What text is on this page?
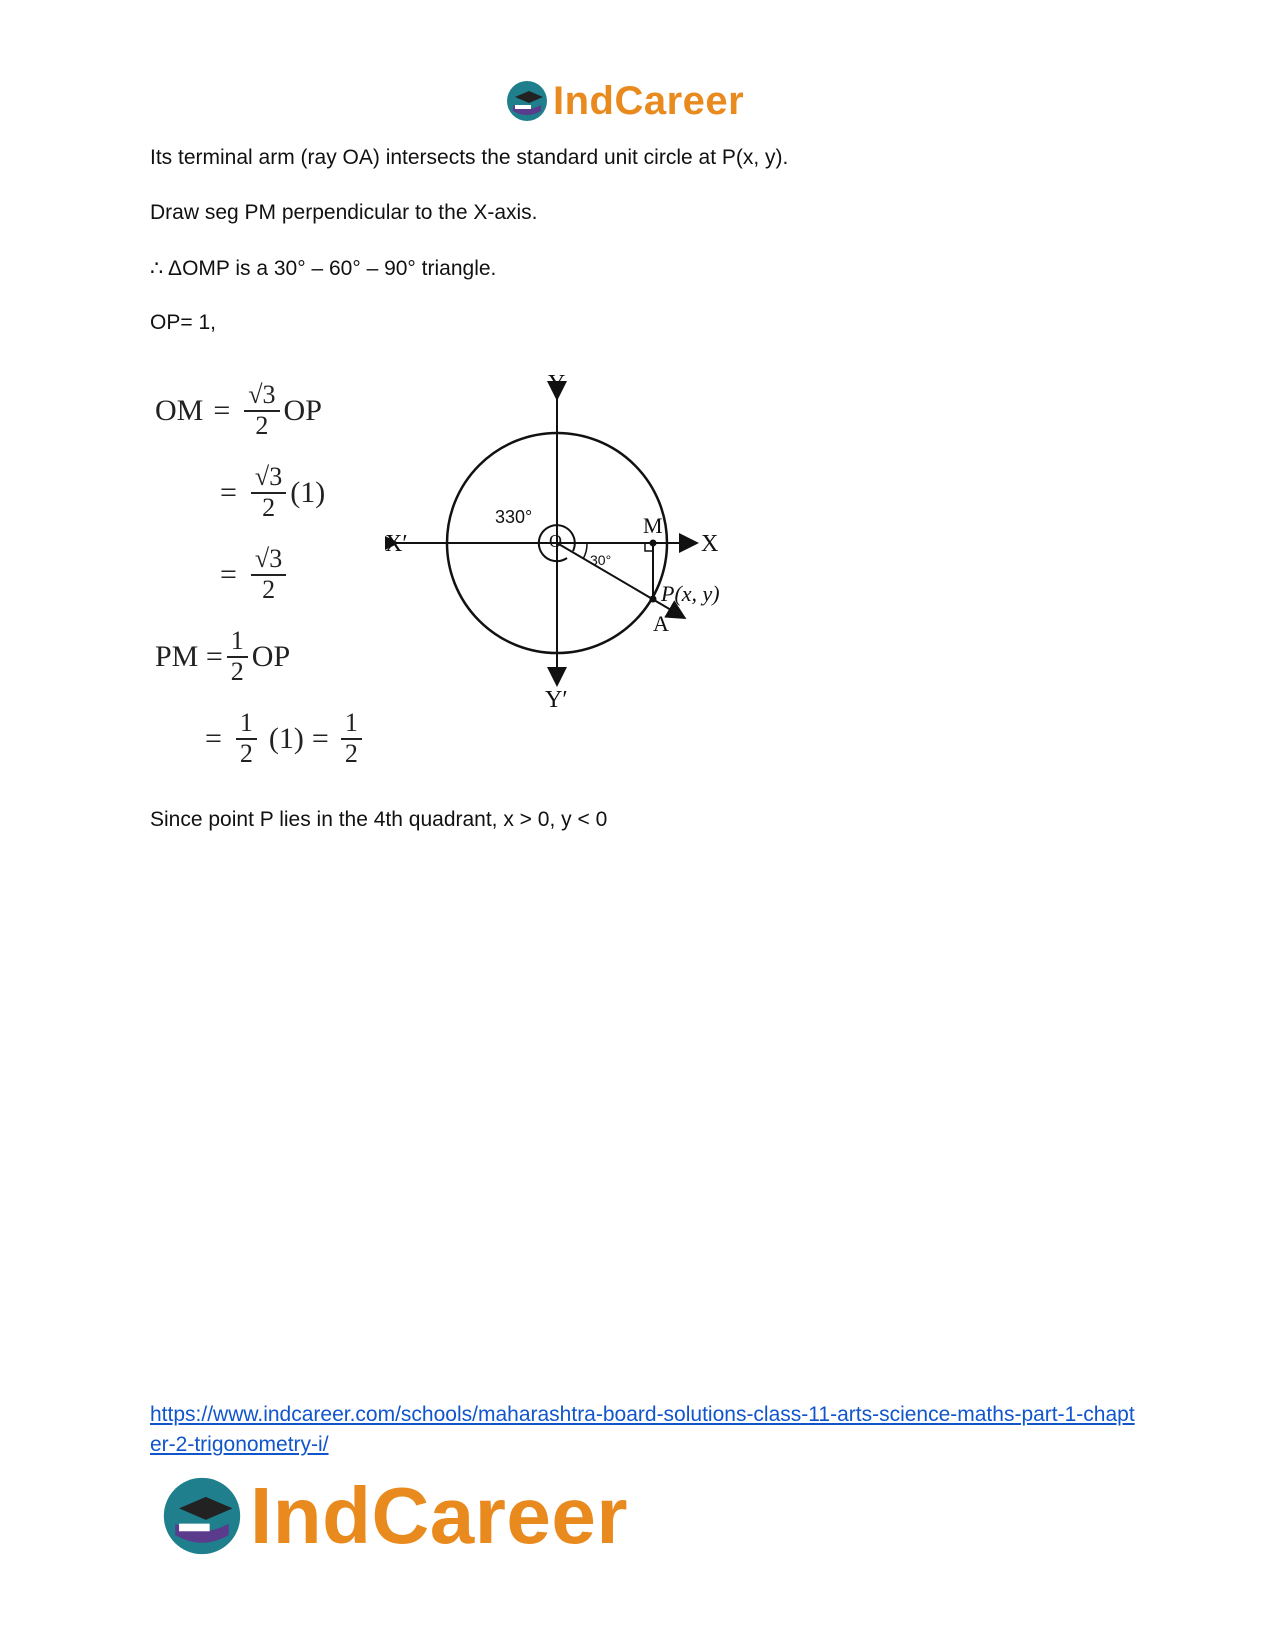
IndCareer
Its terminal arm (ray OA) intersects the standard unit circle at P(x, y).
Draw seg PM perpendicular to the X-axis.
∴ ΔOMP is a 30° – 60° – 90° triangle.
OP= 1,
OM = $\frac{√3}{2}$ OP
= $\frac{√3}{2} (1)$
= $\frac{√3}{2}$
PM = $\frac{1}{2}$ OP
= $\frac{1}{2} (1) = \frac{1}{2}$
Y
Y′
X
X′	O
M
P(x, y)
A
330°
30°
Since point P lies in the 4th quadrant, x > 0, y < 0
https://www.indcareer.com/schools/maharashtra-board-solutions-class-11-arts-science-maths-part-1-chapter-2-trigonometry-i/
IndCareer
